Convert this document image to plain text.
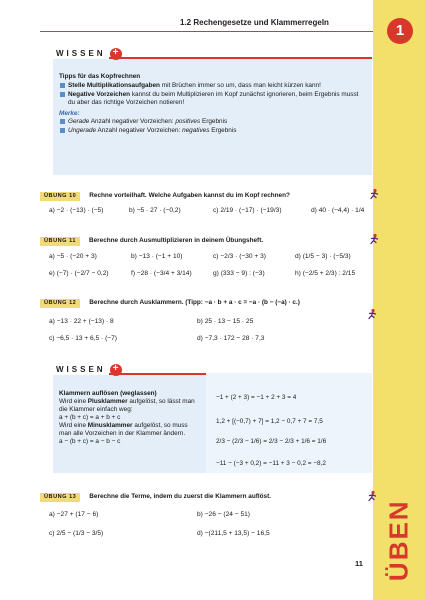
1
ÜBEN
1.2 Rechengesetze und Klammerregeln
WISSEN +
Tipps für das Kopfrechnen
Stelle Multiplikationsaufgaben mit Brüchen immer so um, dass man leicht kürzen kann!
Negative Vorzeichen kannst du beim Multiplizieren im Kopf zunächst ignorieren, beim Ergebnis musst du aber das richtige Vorzeichen notieren!
Merke:
Gerade Anzahl negativer Vorzeichen: positives Ergebnis
Ungerade Anzahl negativer Vorzeichen: negatives Ergebnis
ÜBUNG 10	Rechne vorteilhaft. Welche Aufgaben kannst du im Kopf rechnen?
a) −2 · (−13) · (−5)	b) −5 · 27 · (−0,2)	c) 2/19 · (−17) · (−19/3)	d) 40 · (−4,4) · 1/4
ÜBUNG 11	Berechne durch Ausmultiplizieren in deinem Übungsheft.
a) −5 · (−20 + 3)	b) −13 · (−1 + 10)	c) −2/3 · (−30 + 3)	d) (1/5 − 3) · (−5/3)
e) (−7) · (−2/7 − 0,2)	f) −28 · (−3/4 + 3/14)	g) (333 − 9) : (−3)	h) (−2/5 + 2/3) : 2/15
ÜBUNG 12	Berechne durch Ausklammern. (Tipp: −a · b + a · c = −a · (b − (−a) · c.)
a) −13 · 22 + (−13) · 8	b) 25 · 13 − 15 · 25
c) −6,5 · 13 + 6,5 · (−7)	d) −7,3 · 172 − 28 · 7,3
WISSEN +
Klammern auflösen (weglassen)
Wird eine Plusklammer aufgelöst, so lässt man die Klammer einfach weg:
a + (b + c) = a + b + c
Wird eine Minusklammer aufgelöst, so muss man alle Vorzeichen in der Klammer ändern.
a − (b + c) = a − b − c
−1 + (2 + 3) = −1 + 2 + 3 = 4
1,2 + [(−0,7) + 7] = 1,2 − 0,7 + 7 = 7,5
2/3 − (2/3 − 1/6) = 2/3 − 2/3 + 1/6 = 1/6
−11 − (−3 + 0,2) = −11 + 3 − 0,2 = −8,2
ÜBUNG 13	Berechne die Terme, indem du zuerst die Klammern auflöst.
a) −27 + (17 − 6)	b) −26 − (24 − 51)
c) 2/5 − (1/3 − 3/5)	d) −(211,5 + 13,5) − 16,5
11
